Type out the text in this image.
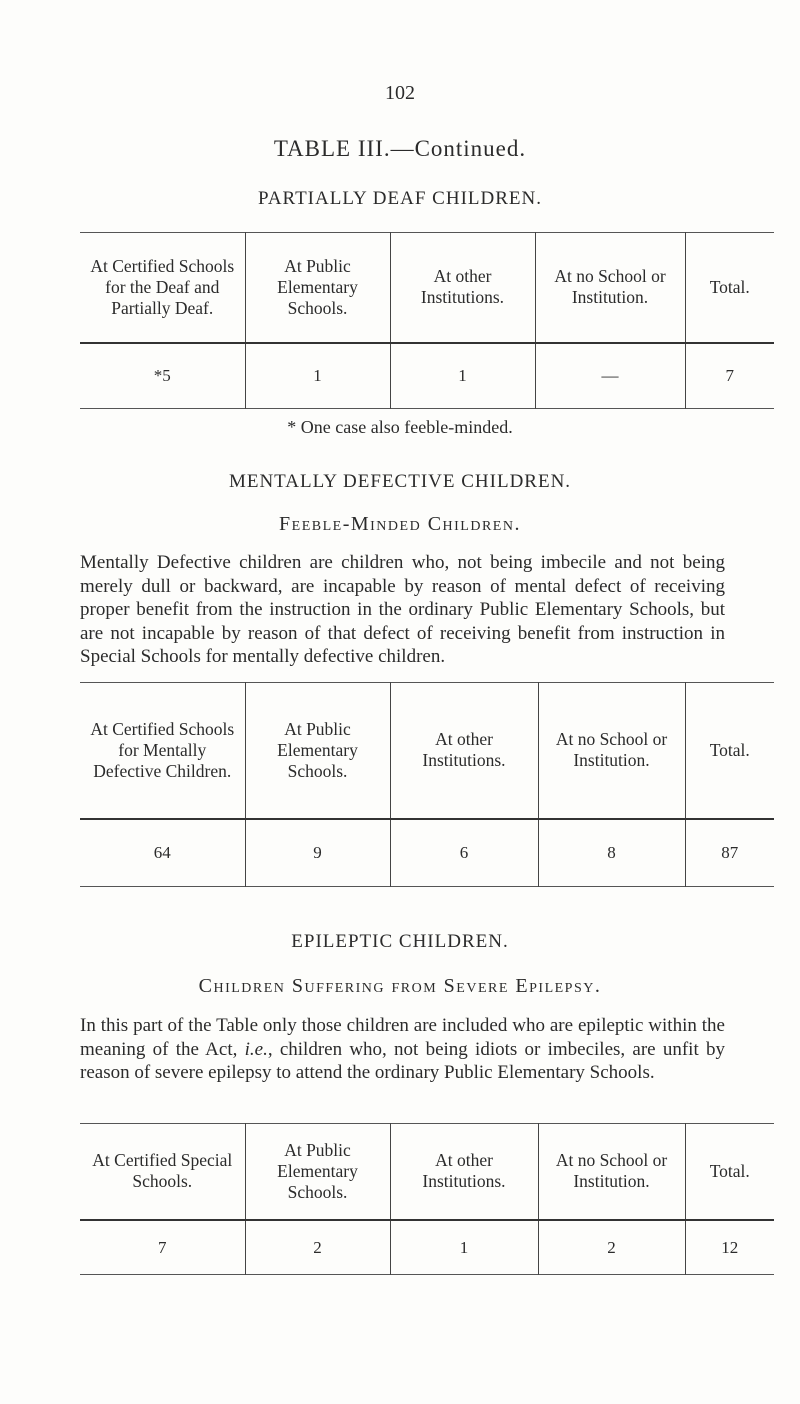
102
TABLE III.—Continued.
PARTIALLY DEAF CHILDREN.
At Certified Schools for the Deaf and Partially Deaf.	At Public Elementary Schools.	At other Institutions.	At no School or Institution.	Total.
*5	1	1	—	7
* One case also feeble-minded.
MENTALLY DEFECTIVE CHILDREN.
Feeble-Minded Children.
Mentally Defective children are children who, not being imbecile and not being merely dull or backward, are incapable by reason of mental defect of receiving proper benefit from the instruction in the ordinary Public Elementary Schools, but are not incapable by reason of that defect of receiving benefit from instruction in Special Schools for mentally defective children.
At Certified Schools for Mentally Defective Children.	At Public Elementary Schools.	At other Institutions.	At no School or Institution.	Total.
64	9	6	8	87
EPILEPTIC CHILDREN.
Children Suffering from Severe Epilepsy.
In this part of the Table only those children are included who are epileptic within the meaning of the Act, i.e., children who, not being idiots or imbeciles, are unfit by reason of severe epilepsy to attend the ordinary Public Elementary Schools.
At Certified Special Schools.	At Public Elementary Schools.	At other Institutions.	At no School or Institution.	Total.
7	2	1	2	12
